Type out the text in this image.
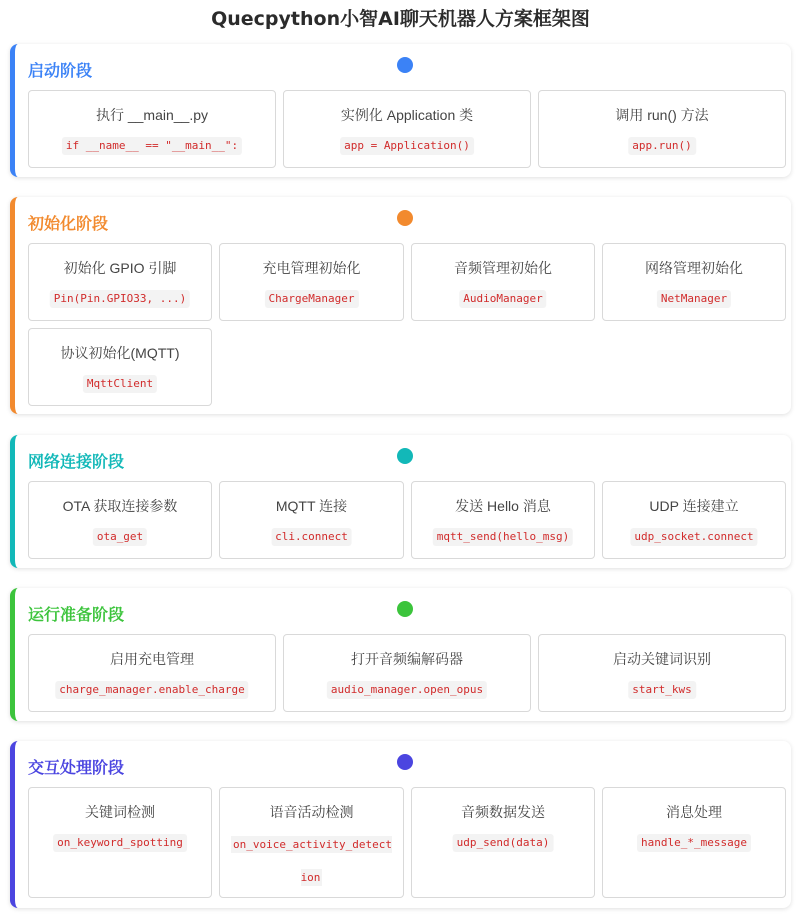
Quecpython小智AI聊天机器人方案框架图
启动阶段
执行 __main__.py
if __name__ == "__main__":
实例化 Application 类
app = Application()
调用 run() 方法
app.run()
初始化阶段
初始化 GPIO 引脚
Pin(Pin.GPIO33, ...)
充电管理初始化
ChargeManager
音频管理初始化
AudioManager
网络管理初始化
NetManager
协议初始化(MQTT)
MqttClient
网络连接阶段
OTA 获取连接参数
ota_get
MQTT 连接
cli.connect
发送 Hello 消息
mqtt_send(hello_msg)
UDP 连接建立
udp_socket.connect
运行准备阶段
启用充电管理
charge_manager.enable_charge
打开音频编解码器
audio_manager.open_opus
启动关键词识别
start_kws
交互处理阶段
关键词检测
on_keyword_spotting
语音活动检测
on_voice_activity_detection
音频数据发送
udp_send(data)
消息处理
handle_*_message
